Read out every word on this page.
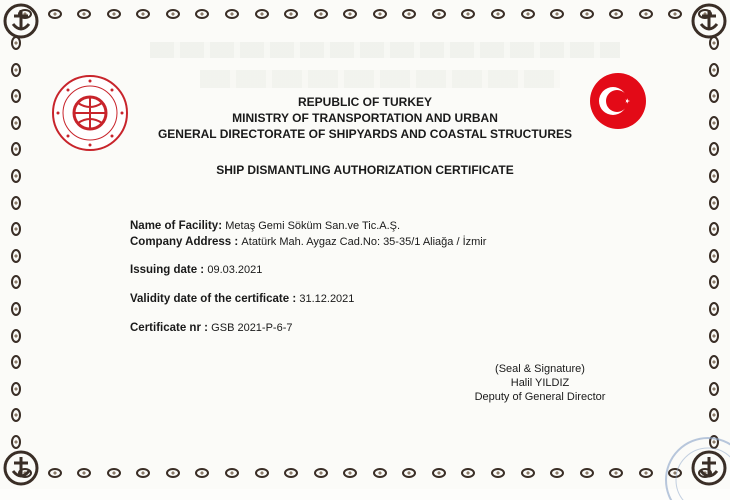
REPUBLIC OF TURKEY
MINISTRY OF TRANSPORTATION AND URBAN
GENERAL DIRECTORATE OF SHIPYARDS AND COASTAL STRUCTURES
SHIP DISMANTLING AUTHORIZATION CERTIFICATE
Name of Facility: Metaş Gemi Söküm San.ve Tic.A.Ş.
Company Address : Atatürk Mah. Aygaz Cad.No: 35-35/1 Aliağa / İzmir
Issuing date : 09.03.2021
Validity date of the certificate : 31.12.2021
Certificate nr : GSB 2021-P-6-7
(Seal & Signature)
Halil YILDIZ
Deputy of General Director
